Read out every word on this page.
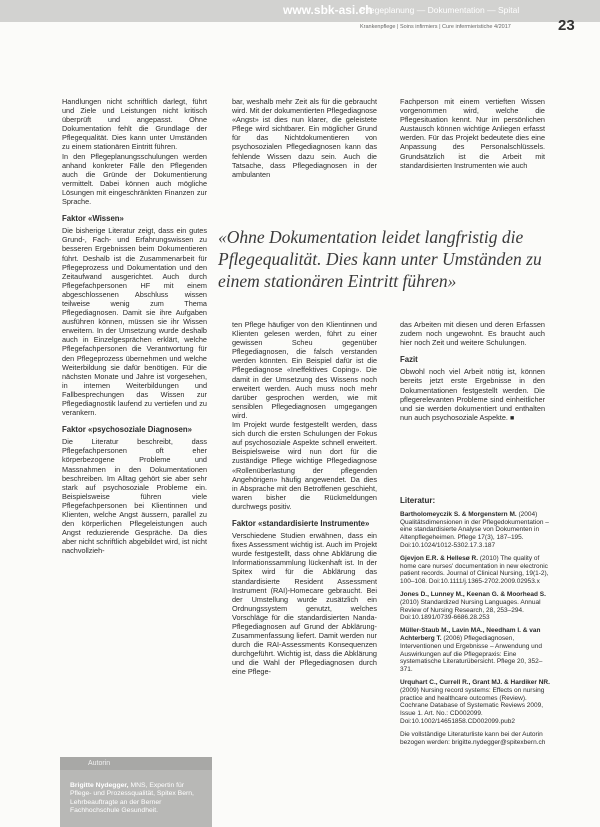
www.sbk-asi.ch
Pflegeplanung — Dokumentation — Spital
Krankenpflege | Soins infirmiers | Cure infermieristiche 4/2017	23

Handlungen nicht schriftlich darlegt, führt und Ziele und Leistungen nicht kritisch überprüft und angepasst. Ohne Dokumentation fehlt die Grundlage der Pflegequalität. Dies kann unter Umständen zu einem stationären Eintritt führen.

In den Pflegeplanungsschulungen werden anhand konkreter Fälle den Pflegenden auch die Gründe der Dokumentierung vermittelt. Dabei können auch mögliche Lösungen mit eingeschränkten Finanzen zur Sprache.

Faktor «Wissen»

Die bisherige Literatur zeigt, dass ein gutes Grund-, Fach- und Erfahrungswissen zu besseren Ergebnissen beim Dokumentieren führt. Deshalb ist die Zusammenarbeit für Pflegeprozess und Dokumentation und den Zeitaufwand ausgerichtet. Auch durch Pflegefachpersonen HF mit einem abgeschlossenen Abschluss wissen teilweise wenig zum Thema Pflegediagnosen. Damit sie ihre Aufgaben ausführen können, müssen sie ihr Wissen erweitern. In der Umsetzung wurde deshalb auch in Einzelgesprächen erklärt, welche Pflegefachpersonen die Verantwortung für den Pflegeprozess übernehmen und welche Weiterbildung sie dafür benötigen. Für die nächsten Monate und Jahre ist vorgesehen, in internen Weiterbildungen und Fallbesprechungen das Wissen zur Pflegediagnostik laufend zu vertiefen und zu verankern.

Faktor «psychosoziale Diagnosen»

Die Literatur beschreibt, dass Pflegefachpersonen oft eher körperbezogene Probleme und Massnahmen in den Dokumentationen beschreiben. Im Alltag gehört sie aber sehr stark auf psychosoziale Probleme ein. Beispielsweise führen viele Pflegefachpersonen bei Klientinnen und Klienten, welche Angst äussern, parallel zu den körperlichen Pflegeleistungen auch Angst reduzierende Gespräche. Da dies aber nicht schriftlich abgebildet wird, ist nicht nachvollzieh-

bar, weshalb mehr Zeit als für die gebraucht wird. Mit der dokumentierten Pflegediagnose «Angst» ist dies nun klarer, die geleistete Pflege wird sichtbarer. Ein möglicher Grund für das Nichtdokumentieren von psychosozialen Pflegediagnosen kann das fehlende Wissen dazu sein. Auch die Tatsache, dass Pflegediagnosen in der ambulanten

Fachperson mit einem vertieften Wissen vorgenommen wird, welche die Pflegesituation kennt. Nur im persönlichen Austausch können wichtige Anliegen erfasst werden. Für das Projekt bedeutete dies eine Anpassung des Personalschlüssels. Grundsätzlich ist die Arbeit mit standardisierten Instrumenten wie auch

«Ohne Dokumentation leidet langfristig die Pflegequalität. Dies kann unter Umständen zu einem stationären Eintritt führen»

ten Pflege häufiger von den Klientinnen und Klienten gelesen werden, führt zu einer gewissen Scheu gegenüber Pflegediagnosen, die falsch verstanden werden könnten. Ein Beispiel dafür ist die Pflegediagnose «Ineffektives Coping». Die damit in der Umsetzung des Wissens noch erweitert werden. Auch muss noch mehr darüber gesprochen werden, wie mit sensiblen Pflegediagnosen umgegangen wird.

Im Projekt wurde festgestellt werden, dass sich durch die ersten Schulungen der Fokus auf psychosoziale Aspekte schnell erweitert. Beispielsweise wird nun dort für die zuständige Pflege wichtige Pflegediagnose «Rollenüberlastung der pflegenden Angehörigen» häufig angewendet. Da dies in Absprache mit den Betroffenen geschieht, waren bisher die Rückmeldungen durchwegs positiv.

Faktor «standardisierte Instrumente»

Verschiedene Studien erwähnen, dass ein fixes Assessment wichtig ist. Auch im Projekt wurde festgestellt, dass ohne Abklärung die Informationssammlung lückenhaft ist. In der Spitex wird für die Abklärung das standardisierte Resident Assessment Instrument (RAI)-Homecare gebraucht. Bei der Umstellung wurde zusätzlich ein Ordnungssystem genutzt, welches Vorschläge für die standardisierten Nanda-Pflegediagnosen auf Grund der Abklärung-Zusammenfassung liefert. Damit werden nur durch die RAI-Assessments Konsequenzen durchgeführt. Wichtig ist, dass die Abklärung und die Wahl der Pflegediagnosen durch eine Pflege-

das Arbeiten mit diesen und deren Erfassen zudem noch ungewohnt. Es braucht auch hier noch Zeit und weitere Schulungen.

Fazit

Obwohl noch viel Arbeit nötig ist, können bereits jetzt erste Ergebnisse in den Dokumentationen festgestellt werden. Die pflegerelevanten Probleme sind einheitlicher und sie werden dokumentiert und enthalten nun auch psychosoziale Aspekte. ■

Literatur:
Bartholomeyczik S. & Morgenstern M. (2004) Qualitätsdimensionen in der Pflegedokumentation – eine standardisierte Analyse von Dokumenten in Altenpflegeheimen. Pflege 17(3), 187–195. Doi:10.1024/1012-5302.17.3.187
Gjevjon E.R. & Hellesø R. (2010) The quality of home care nurses' documentation in new electronic patient records. Journal of Clinical Nursing, 19(1-2), 100–108. Doi:10.1111/j.1365-2702.2009.02953.x
Jones D., Lunney M., Keenan G. & Moorhead S. (2010) Standardized Nursing Languages. Annual Review of Nursing Research, 28, 253–294. Doi:10.1891/0739-6686.28.253
Müller-Staub M., Lavin MA., Needham I. & van Achterberg T. (2006) Pflegediagnosen, Interventionen und Ergebnisse – Anwendung und Auswirkungen auf die Pflegepraxis: Eine systematische Literaturübersicht. Pflege 20, 352–371.
Urquhart C., Currell R., Grant MJ. & Hardiker NR. (2009) Nursing record systems: Effects on nursing practice and healthcare outcomes (Review). Cochrane Database of Systematic Reviews 2009, Issue 1. Art. No.: CD002099. Doi:10.1002/14651858.CD002099.pub2
Die vollständige Literaturliste kann bei der Autorin bezogen werden: brigitte.nydegger@spitexbern.ch
Autorin
Brigitte Nydegger, MNS, Expertin für Pflege- und Prozessqualität, Spitex Bern, Lehrbeauftragte an der Berner Fachhochschule Gesundheit.
